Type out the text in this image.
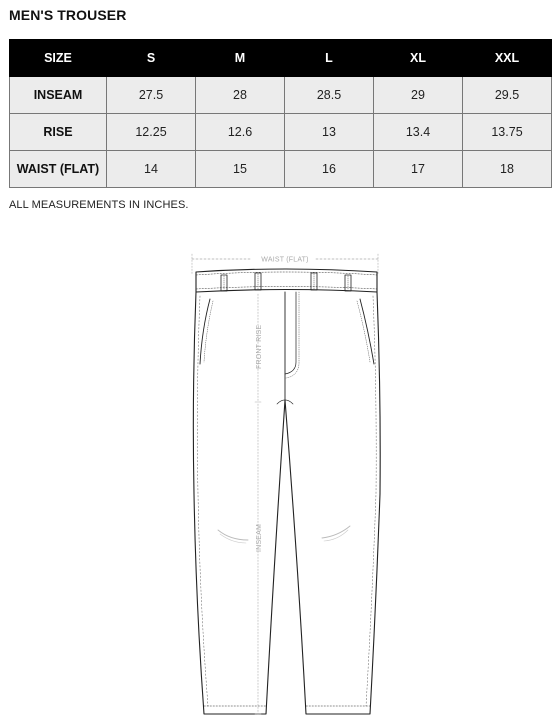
MEN'S TROUSER
SIZE	S	M	L	XL	XXL
INSEAM	27.5	28	28.5	29	29.5
RISE	12.25	12.6	13	13.4	13.75
WAIST (FLAT)	14	15	16	17	18
ALL MEASUREMENTS IN INCHES.
WAIST (FLAT)
FRONT RISE
INSEAM
